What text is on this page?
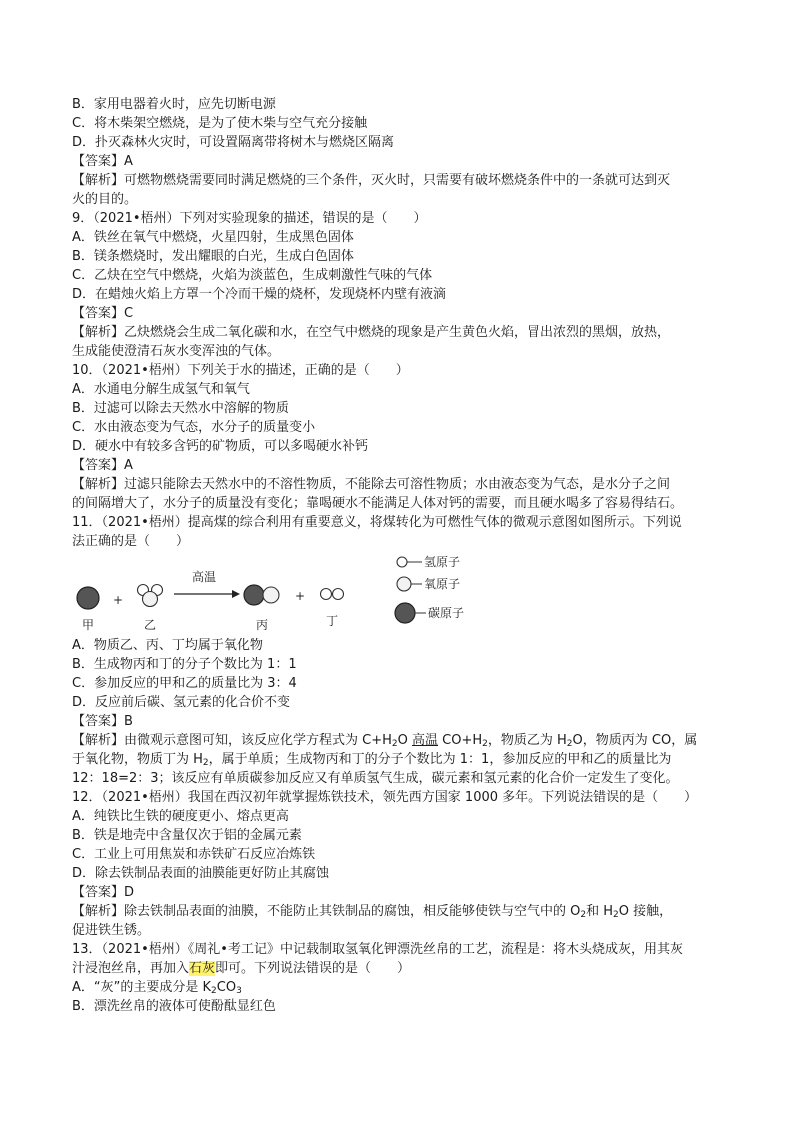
B．家用电器着火时，应先切断电源
C．将木柴架空燃烧，是为了使木柴与空气充分接触
D．扑灭森林火灾时，可设置隔离带将树木与燃烧区隔离
【答案】A
【解析】可燃物燃烧需要同时满足燃烧的三个条件，灭火时，只需要有破坏燃烧条件中的一条就可达到灭
火的目的。
9．（2021•梧州）下列对实验现象的描述，错误的是（　　）
A．铁丝在氧气中燃烧，火星四射，生成黑色固体
B．镁条燃烧时，发出耀眼的白光，生成白色固体
C．乙炔在空气中燃烧，火焰为淡蓝色，生成刺激性气味的气体
D．在蜡烛火焰上方罩一个冷而干燥的烧杯，发现烧杯内壁有液滴
【答案】C
【解析】乙炔燃烧会生成二氧化碳和水，在空气中燃烧的现象是产生黄色火焰，冒出浓烈的黑烟，放热，
生成能使澄清石灰水变浑浊的气体。
10．（2021•梧州）下列关于水的描述，正确的是（　　）
A．水通电分解生成氢气和氧气
B．过滤可以除去天然水中溶解的物质
C．水由液态变为气态，水分子的质量变小
D．硬水中有较多含钙的矿物质，可以多喝硬水补钙
【答案】A
【解析】过滤只能除去天然水中的不溶性物质，不能除去可溶性物质；水由液态变为气态，是水分子之间
的间隔增大了，水分子的质量没有变化；靠喝硬水不能满足人体对钙的需要，而且硬水喝多了容易得结石。
11．（2021•梧州）提高煤的综合利用有重要意义，将煤转化为可燃性气体的微观示意图如图所示。下列说
法正确的是（　　）
+
高温
+
甲	乙	丙	丁
氢原子
氧原子
碳原子
A．物质乙、丙、丁均属于氧化物
B．生成物丙和丁的分子个数比为 1：1
C．参加反应的甲和乙的质量比为 3：4
D．反应前后碳、氢元素的化合价不变
【答案】B
【解析】由微观示意图可知，该反应化学方程式为 $C+H_2O$ 高温 $CO+H_2$，物质乙为 $H_2O$，物质丙为 CO，属
于氧化物，物质丁为 $H_2$，属于单质；生成物丙和丁的分子个数比为 1：1，参加反应的甲和乙的质量比为
12：18=2：3；该反应有单质碳参加反应又有单质氢气生成，碳元素和氢元素的化合价一定发生了变化。
12．（2021•梧州）我国在西汉初年就掌握炼铁技术，领先西方国家 1000 多年。下列说法错误的是（　　）
A．纯铁比生铁的硬度更小、熔点更高
B．铁是地壳中含量仅次于铝的金属元素
C．工业上可用焦炭和赤铁矿石反应冶炼铁
D．除去铁制品表面的油膜能更好防止其腐蚀
【答案】D
【解析】除去铁制品表面的油膜，不能防止其铁制品的腐蚀，相反能够使铁与空气中的 $O_2$和 $H_2O$ 接触，
促进铁生锈。
13．（2021•梧州）《周礼•考工记》中记载制取氢氧化钾漂洗丝帛的工艺，流程是：将木头烧成灰，用其灰
汁浸泡丝帛，再加入石灰即可。下列说法错误的是（　　）
A．“灰”的主要成分是 $K_2CO_3$
B．漂洗丝帛的液体可使酚酞显红色
